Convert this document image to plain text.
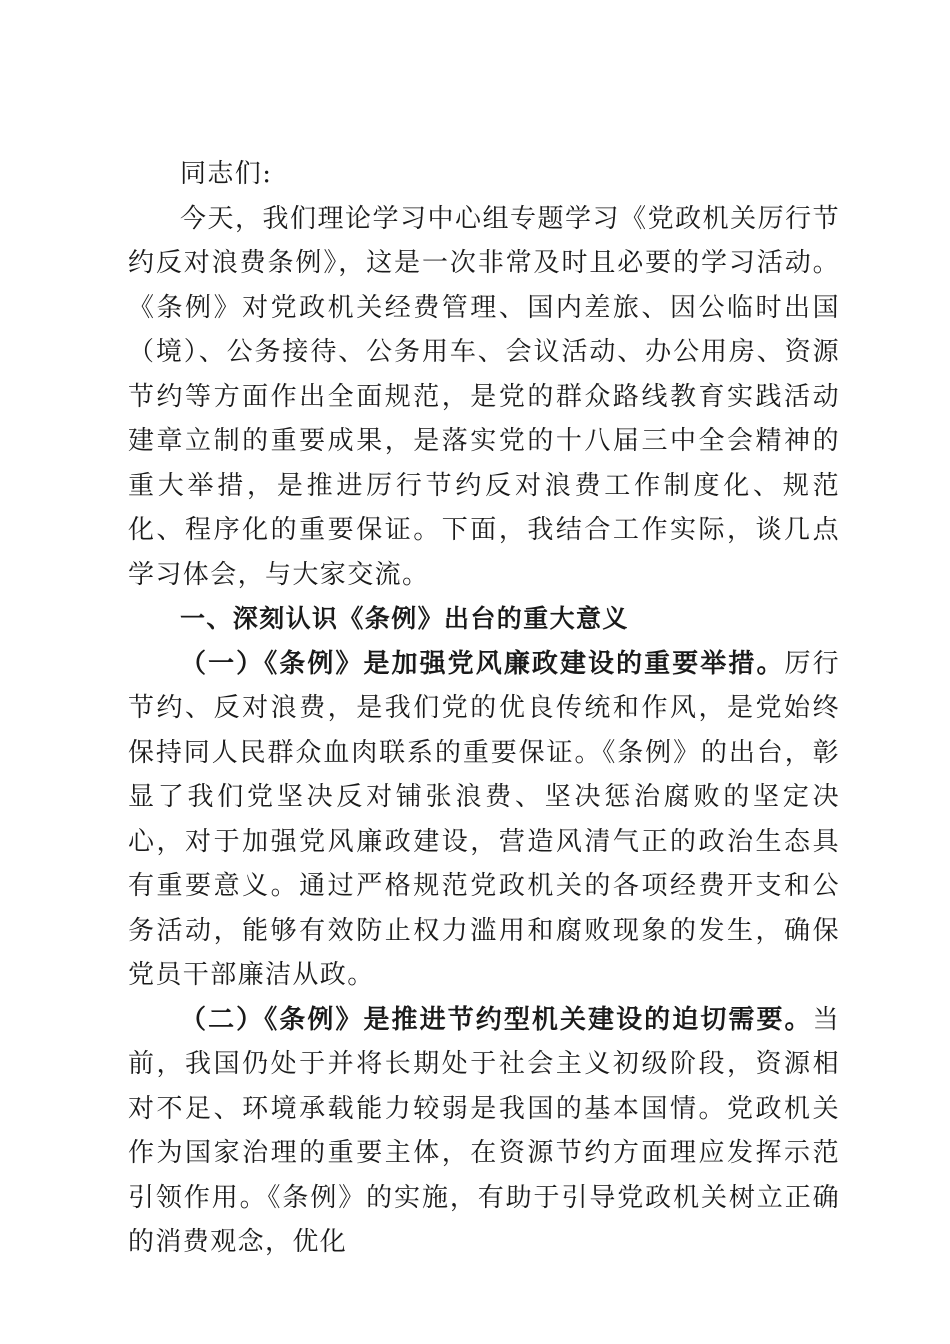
同志们:

今天，我们理论学习中心组专题学习《党政机关厉行节约反对浪费条例》，这是一次非常及时且必要的学习活动。《条例》对党政机关经费管理、国内差旅、因公临时出国（境）、公务接待、公务用车、会议活动、办公用房、资源节约等方面作出全面规范，是党的群众路线教育实践活动建章立制的重要成果，是落实党的十八届三中全会精神的重大举措，是推进厉行节约反对浪费工作制度化、规范化、程序化的重要保证。下面，我结合工作实际，谈几点学习体会，与大家交流。

一、深刻认识《条例》出台的重大意义

（一）《条例》是加强党风廉政建设的重要举措。厉行节约、反对浪费，是我们党的优良传统和作风，是党始终保持同人民群众血肉联系的重要保证。《条例》的出台，彰显了我们党坚决反对铺张浪费、坚决惩治腐败的坚定决心，对于加强党风廉政建设，营造风清气正的政治生态具有重要意义。通过严格规范党政机关的各项经费开支和公务活动，能够有效防止权力滥用和腐败现象的发生，确保党员干部廉洁从政。

（二）《条例》是推进节约型机关建设的迫切需要。当前，我国仍处于并将长期处于社会主义初级阶段，资源相对不足、环境承载能力较弱是我国的基本国情。党政机关作为国家治理的重要主体，在资源节约方面理应发挥示范引领作用。《条例》的实施，有助于引导党政机关树立正确的消费观念，优化
